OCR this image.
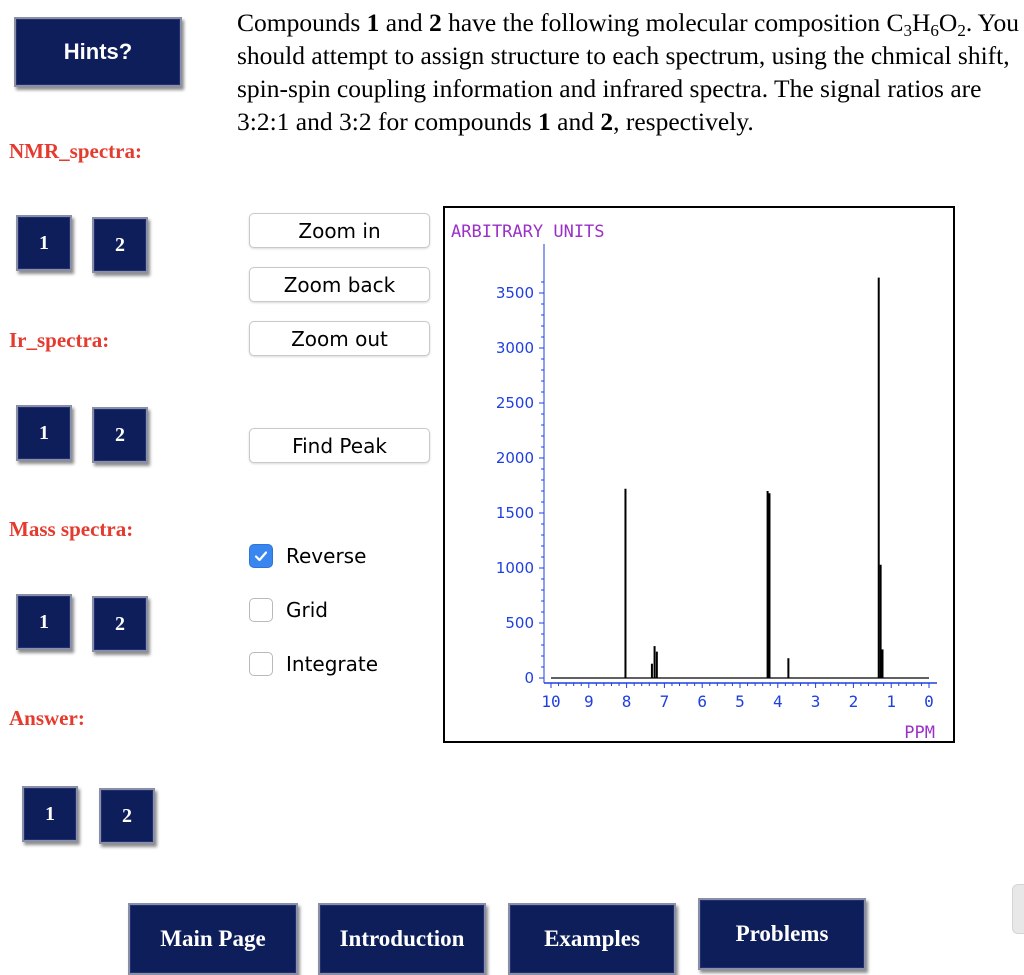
Hints?
Compounds 1 and 2 have the following molecular composition $C_3H_6O_2$. You should attempt to assign structure to each spectrum, using the chmical shift, spin-spin coupling information and infrared spectra. The signal ratios are 3:2:1 and 3:2 for compounds 1 and 2, respectively.
NMR_spectra:
Ir_spectra:
Mass spectra:
Answer:
1	2
1	2
1	2
1	2
Zoom in
Zoom back
Zoom out
Find Peak
Reverse
Grid
Integrate
ARBITRARY UNITS
PPM
0
500
1000
1500
2000
2500
3000
3500
10 9 8 7 6 5 4 3 2 1 0
Main Page	Introduction	Examples	Problems
